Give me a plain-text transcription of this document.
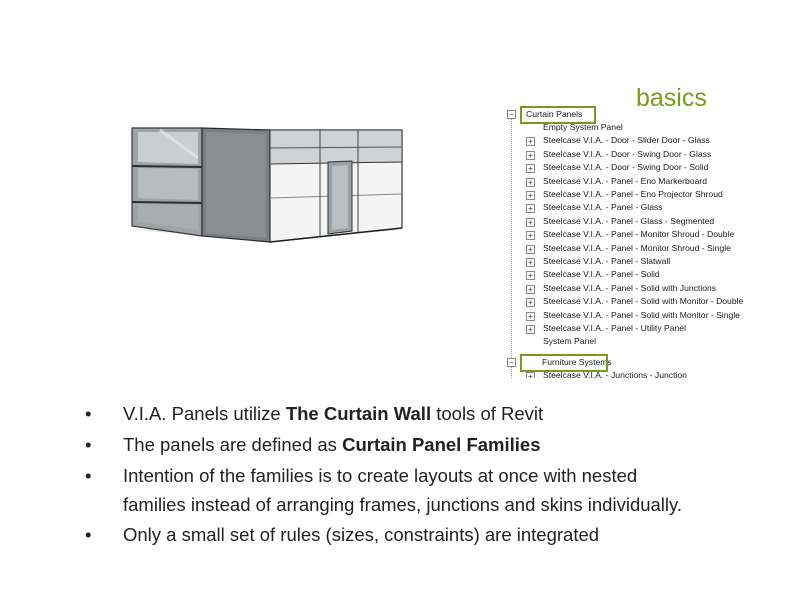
basics
− Curtain Panels
Empty System Panel
+ Steelcase V.I.A. - Door - Slider Door - Glass
+ Steelcase V.I.A. - Door - Swing Door - Glass
+ Steelcase V.I.A. - Door - Swing Door - Solid
+ Steelcase V.I.A. - Panel - Eno Markerboard
+ Steelcase V.I.A. - Panel - Eno Projector Shroud
+ Steelcase V.I.A. - Panel - Glass
+ Steelcase V.I.A. - Panel - Glass - Segmented
+ Steelcase V.I.A. - Panel - Monitor Shroud - Double
+ Steelcase V.I.A. - Panel - Monitor Shroud - Single
+ Steelcase V.I.A. - Panel - Slatwall
+ Steelcase V.I.A. - Panel - Solid
+ Steelcase V.I.A. - Panel - Solid with Junctions
+ Steelcase V.I.A. - Panel - Solid with Monitor - Double
+ Steelcase V.I.A. - Panel - Solid with Monitor - Single
+ Steelcase V.I.A. - Panel - Utility Panel
System Panel
−	Furniture Systems
+ Steelcase V.I.A. - Junctions - Junction
•	V.I.A. Panels utilize The Curtain Wall tools of Revit
•	The panels are defined as Curtain Panel Families
•	Intention of the families is to create layouts at once with nested
families instead of arranging frames, junctions and skins individually.
•	Only a small set of rules (sizes, constraints) are integrated
